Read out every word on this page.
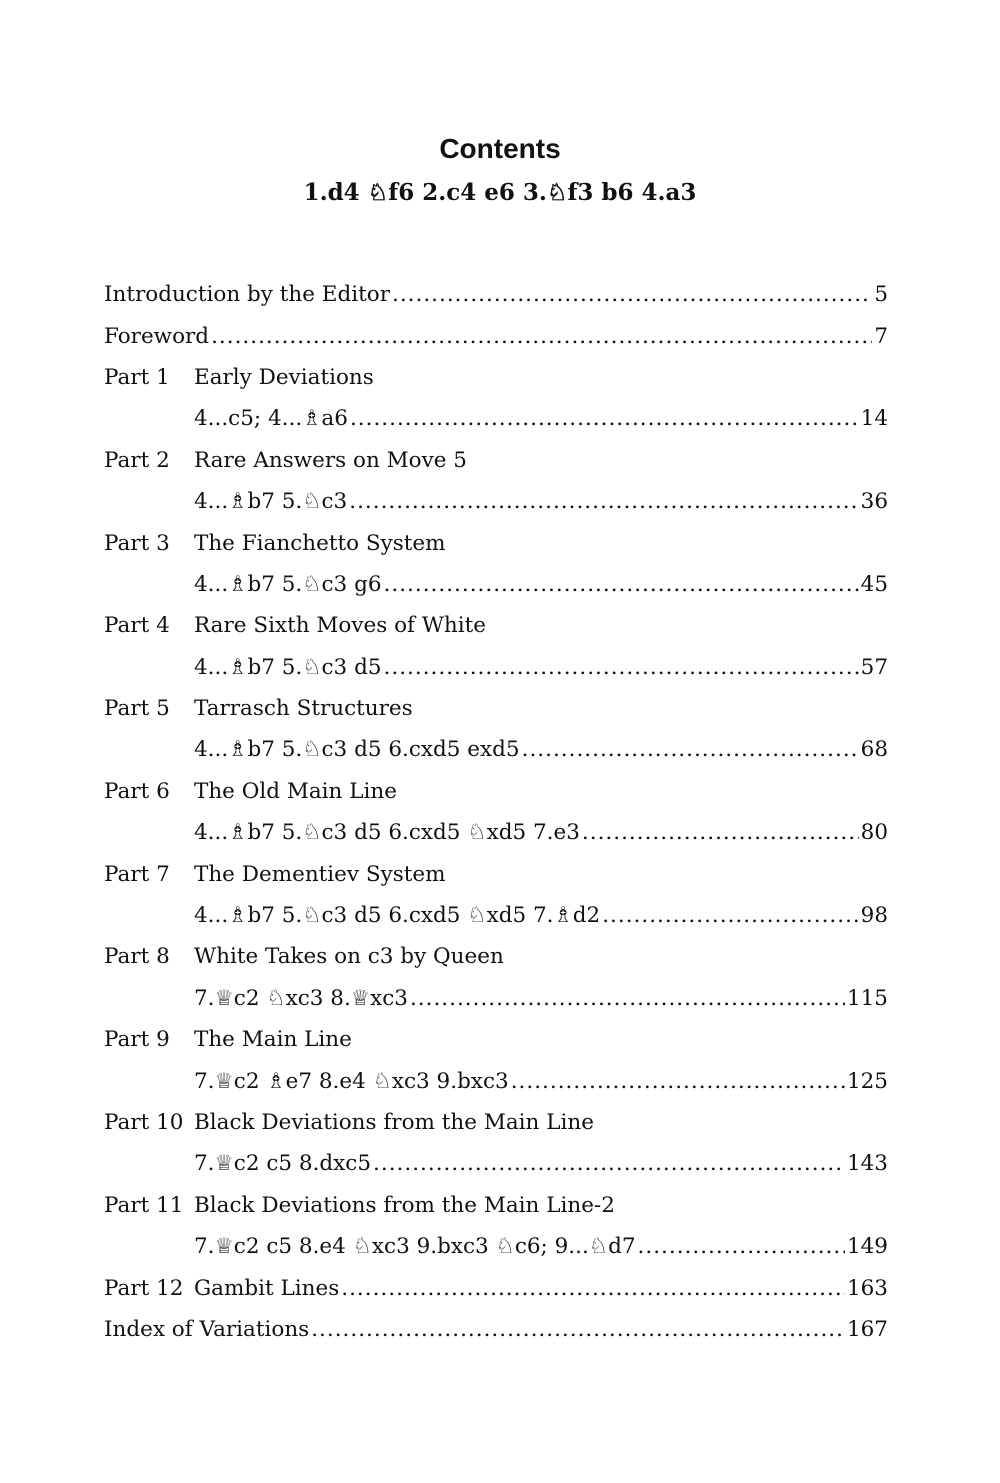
Contents
1.d4 ♘f6 2.c4 e6 3.♘f3 b6 4.a3
Introduction by the Editor .....	5
Foreword .....	7
Part 1	Early Deviations
4...c5; 4...♗a6 .....	14
Part 2	Rare Answers on Move 5
4...♗b7 5.♘c3 .....	36
Part 3	The Fianchetto System
4...♗b7 5.♘c3 g6 .....	45
Part 4	Rare Sixth Moves of White
4...♗b7 5.♘c3 d5 .....	57
Part 5	Tarrasch Structures
4...♗b7 5.♘c3 d5 6.cxd5 exd5 .....	68
Part 6	The Old Main Line
4...♗b7 5.♘c3 d5 6.cxd5 ♘xd5 7.e3 .....	80
Part 7	The Dementiev System
4...♗b7 5.♘c3 d5 6.cxd5 ♘xd5 7.♗d2 .....	98
Part 8	White Takes on c3 by Queen
7.♕c2 ♘xc3 8.♕xc3 .....	115
Part 9	The Main Line
7.♕c2 ♗e7 8.e4 ♘xc3 9.bxc3 .....	125
Part 10 Black Deviations from the Main Line
7.♕c2 c5 8.dxc5 .....	143
Part 11 Black Deviations from the Main Line-2
7.♕c2 c5 8.e4 ♘xc3 9.bxc3 ♘c6; 9...♘d7 .....	149
Part 12 Gambit Lines .....	163
Index of Variations .....	167
